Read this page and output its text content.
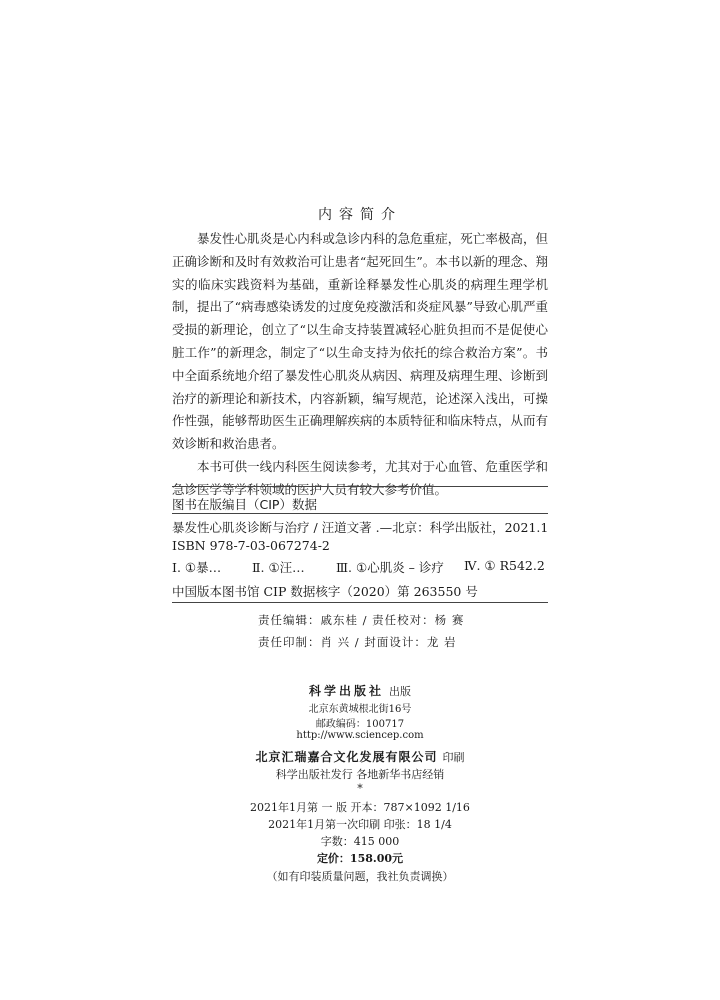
内容简介

暴发性心肌炎是心内科或急诊内科的急危重症，死亡率极高，但正确诊断和及时有效救治可让患者“起死回生”。本书以新的理念、翔实的临床实践资料为基础，重新诠释暴发性心肌炎的病理生理学机制，提出了“病毒感染诱发的过度免疫激活和炎症风暴”导致心肌严重受损的新理论，创立了“以生命支持装置减轻心脏负担而不是促使心脏工作”的新理念，制定了“以生命支持为依托的综合救治方案”。书中全面系统地介绍了暴发性心肌炎从病因、病理及病理生理、诊断到治疗的新理论和新技术，内容新颖，编写规范，论述深入浅出，可操作性强，能够帮助医生正确理解疾病的本质特征和临床特点，从而有效诊断和救治患者。

本书可供一线内科医生阅读参考，尤其对于心血管、危重医学和急诊医学等学科领域的医护人员有较大参考价值。

图书在版编目（CIP）数据
暴发性心肌炎诊断与治疗 / 汪道文著 .—北京：科学出版社，2021.1
ISBN 978-7-03-067274-2
Ⅰ. ①暴… Ⅱ. ①汪…	Ⅲ. ①心肌炎 – 诊疗 Ⅳ. ① R542.2
中国版本图书馆 CIP 数据核字（2020）第 263550 号
责任编辑：戚东桂 / 责任校对：杨 赛
责任印制：肖 兴 / 封面设计：龙 岩
科学出版社 出版
北京东黄城根北街16号
邮政编码：100717
http://www.sciencep.com
北京汇瑞嘉合文化发展有限公司 印刷
科学出版社发行 各地新华书店经销
*
2021年1月第 一 版 开本：787×1092 1/16
2021年1月第一次印刷 印张：18 1/4
字数：415 000
定价：158.00元
（如有印装质量问题，我社负责调换）
